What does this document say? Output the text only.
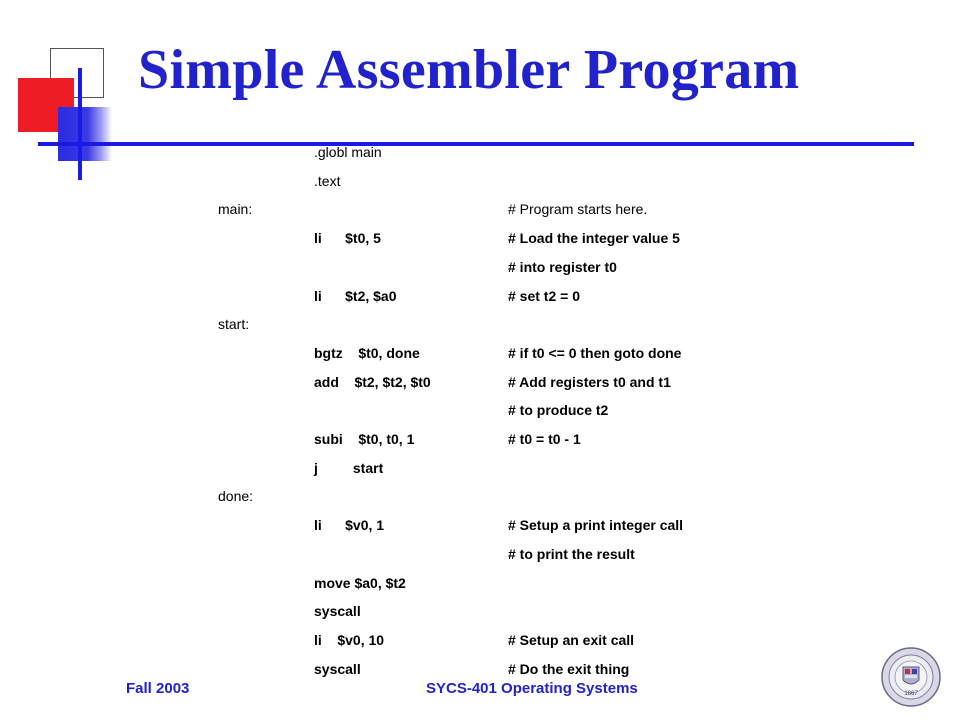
Simple Assembler Program
.globl main
.text
main:	# Program starts here.
li      $t0, 5	# Load the integer value 5
# into register t0
li      $t2, $a0	# set t2 = 0
start:
bgtz    $t0, done	# if t0 <= 0 then goto done
add    $t2, $t2, $t0	# Add registers t0 and t1
# to produce t2
subi    $t0, t0, 1	# t0 = t0 - 1
j         start
done:
li      $v0, 1	# Setup a print integer call
# to print the result
move $a0, $t2
syscall
li    $v0, 10	# Setup an exit call
syscall	# Do the exit thing
Fall 2003	SYCS-401 Operating Systems	1867
